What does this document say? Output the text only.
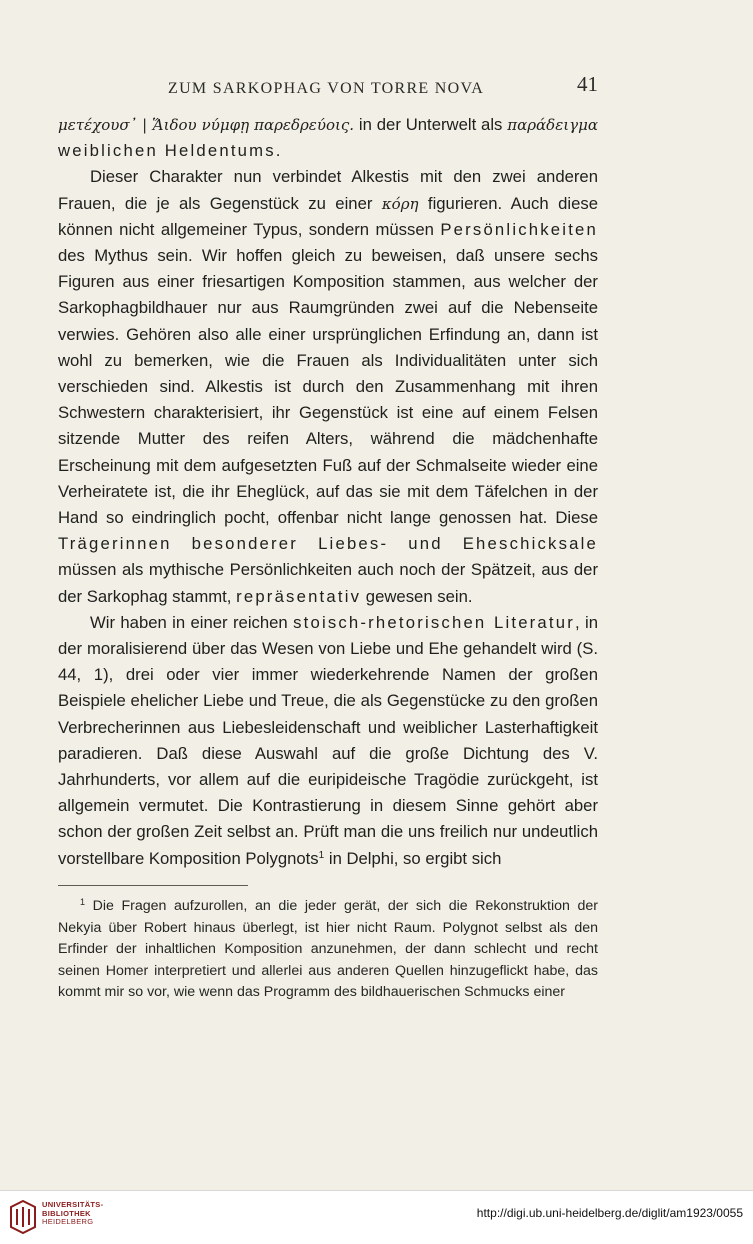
ZUM SARKOPHAG VON TORRE NOVA	41

μετέχουσ᾽ | Ἅιδου νύμφῃ παρεδρεύοις. in der Unterwelt als παράδειγμα weiblichen Heldentums.

Dieser Charakter nun verbindet Alkestis mit den zwei anderen Frauen, die je als Gegenstück zu einer κόρη figurieren. Auch diese können nicht allgemeiner Typus, sondern müssen Persönlichkeiten des Mythus sein. Wir hoffen gleich zu beweisen, daß unsere sechs Figuren aus einer friesartigen Komposition stammen, aus welcher der Sarkophagbildhauer nur aus Raumgründen zwei auf die Nebenseite verwies. Gehören also alle einer ursprünglichen Erfindung an, dann ist wohl zu bemerken, wie die Frauen als Individualitäten unter sich verschieden sind. Alkestis ist durch den Zusammenhang mit ihren Schwestern charakterisiert, ihr Gegenstück ist eine auf einem Felsen sitzende Mutter des reifen Alters, während die mädchenhafte Erscheinung mit dem aufgesetzten Fuß auf der Schmalseite wieder eine Verheiratete ist, die ihr Eheglück, auf das sie mit dem Täfelchen in der Hand so eindringlich pocht, offenbar nicht lange genossen hat. Diese Trägerinnen besonderer Liebes- und Eheschicksale müssen als mythische Persönlichkeiten auch noch der Spätzeit, aus der der Sarkophag stammt, repräsentativ gewesen sein.

Wir haben in einer reichen stoisch-rhetorischen Literatur, in der moralisierend über das Wesen von Liebe und Ehe gehandelt wird (S. 44, 1), drei oder vier immer wiederkehrende Namen der großen Beispiele ehelicher Liebe und Treue, die als Gegenstücke zu den großen Verbrecherinnen aus Liebesleidenschaft und weiblicher Lasterhaftigkeit paradieren. Daß diese Auswahl auf die große Dichtung des V. Jahrhunderts, vor allem auf die euripideische Tragödie zurückgeht, ist allgemein vermutet. Die Kontrastierung in diesem Sinne gehört aber schon der großen Zeit selbst an. Prüft man die uns freilich nur undeutlich vorstellbare Komposition Polygnots$^1$ in Delphi, so ergibt sich

$^1$ Die Fragen aufzurollen, an die jeder gerät, der sich die Rekonstruktion der Nekyia über Robert hinaus überlegt, ist hier nicht Raum. Polygnot selbst als den Erfinder der inhaltlichen Komposition anzunehmen, der dann schlecht und recht seinen Homer interpretiert und allerlei aus anderen Quellen hinzugeflickt habe, das kommt mir so vor, wie wenn das Programm des bildhauerischen Schmucks einer

UNIVERSITÄTS-
BIBLIOTHEK
HEIDELBERG
http://digi.ub.uni-heidelberg.de/diglit/am1923/0055
